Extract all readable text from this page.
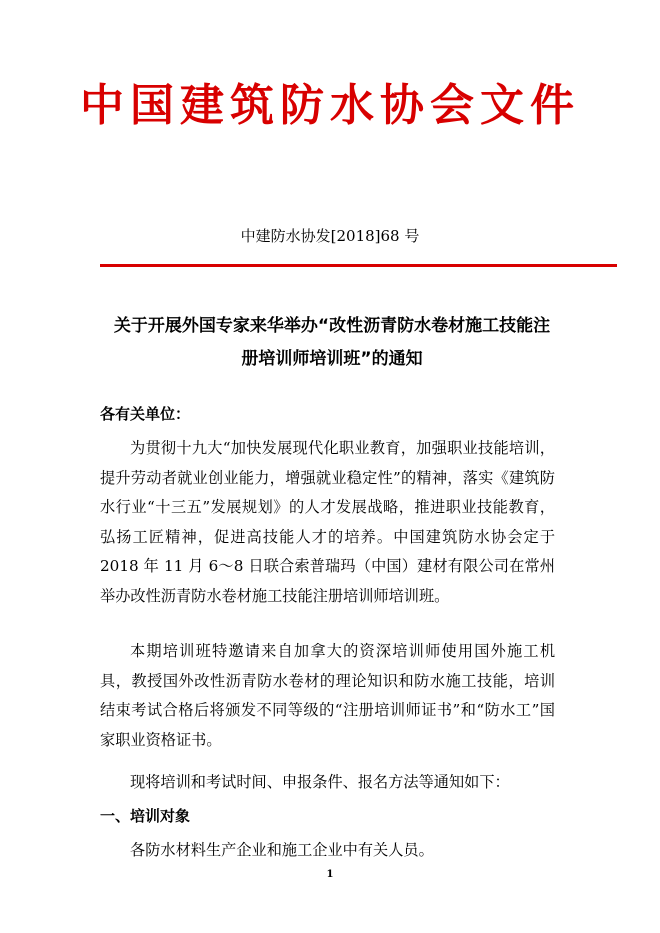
中国建筑防水协会文件
中建防水协发[2018]68 号
关于开展外国专家来华举办“改性沥青防水卷材施工技能注
册培训师培训班”的通知
各有关单位：

为贯彻十九大“加快发展现代化职业教育，加强职业技能培训，提升劳动者就业创业能力，增强就业稳定性”的精神，落实《建筑防水行业“十三五”发展规划》的人才发展战略，推进职业技能教育，弘扬工匠精神，促进高技能人才的培养。中国建筑防水协会定于 2018 年 11 月 6～8 日联合索普瑞玛（中国）建材有限公司在常州举办改性沥青防水卷材施工技能注册培训师培训班。

本期培训班特邀请来自加拿大的资深培训师使用国外施工机具，教授国外改性沥青防水卷材的理论知识和防水施工技能，培训结束考试合格后将颁发不同等级的“注册培训师证书”和“防水工”国家职业资格证书。

现将培训和考试时间、申报条件、报名方法等通知如下：

一、培训对象

各防水材料生产企业和施工企业中有关人员。

1
